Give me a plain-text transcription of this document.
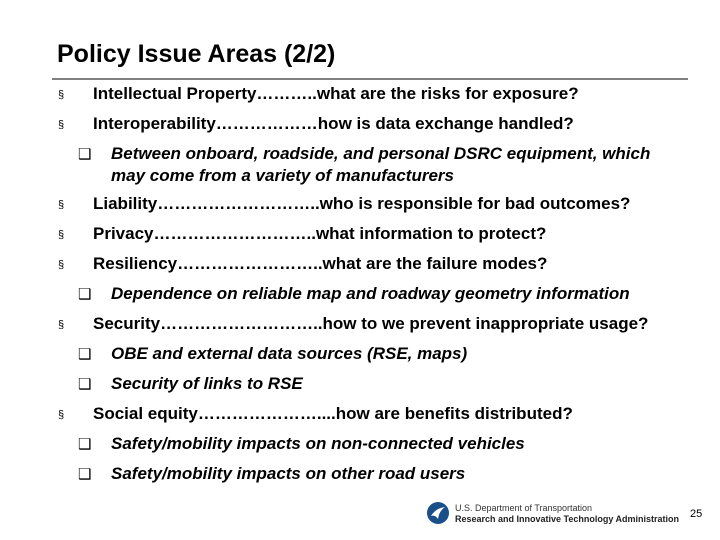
Policy Issue Areas (2/2)
§ Intellectual Property………..what are the risks for exposure?
§ Interoperability………………how is data exchange handled?
❑ Between onboard, roadside, and personal DSRC equipment, which may come from a variety of manufacturers
§ Liability………………………..who is responsible for bad outcomes?
§ Privacy………………………..what information to protect?
§ Resiliency……………………..what are the failure modes?
❑ Dependence on reliable map and roadway geometry information
§ Security………………………..how to we prevent inappropriate usage?
❑ OBE and external data sources (RSE, maps)
❑ Security of links to RSE
§ Social equity…………………....how are benefits distributed?
❑ Safety/mobility impacts on non-connected vehicles
❑ Safety/mobility impacts on other road users
U.S. Department of Transportation
Research and Innovative Technology Administration 25
